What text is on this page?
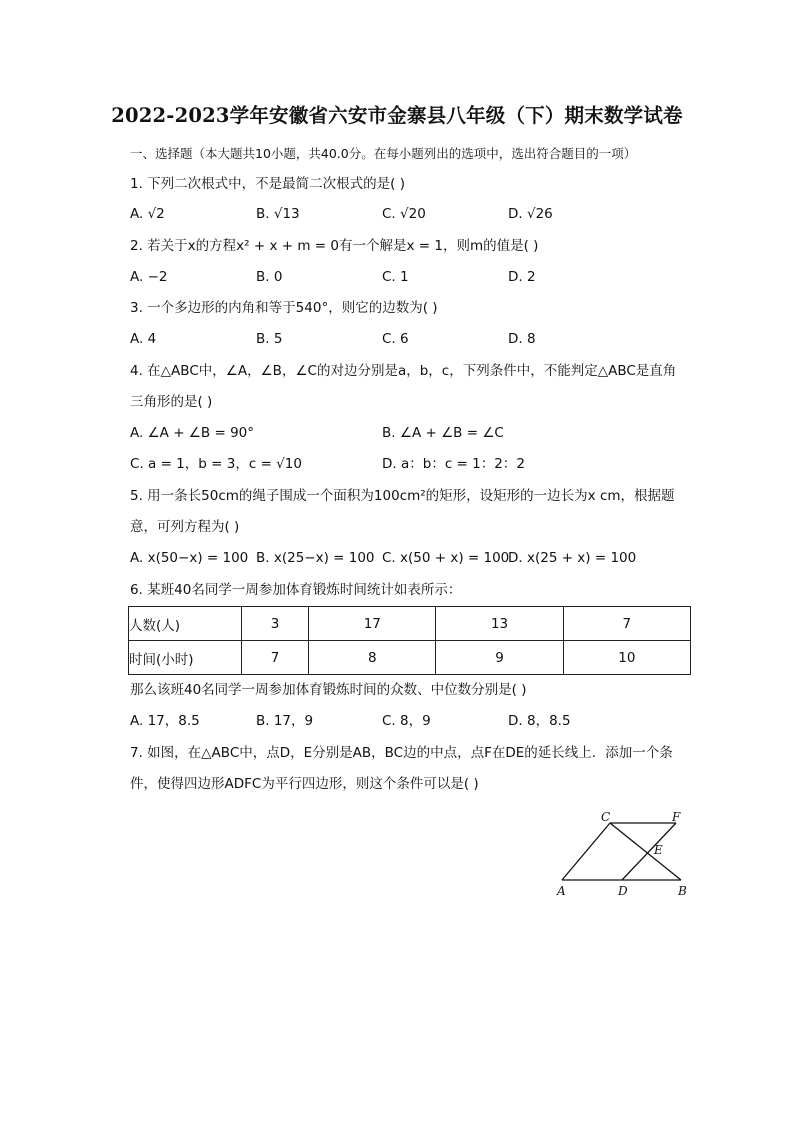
2022-2023学年安徽省六安市金寨县八年级（下）期末数学试卷
一、选择题（本大题共10小题，共40.0分。在每小题列出的选项中，选出符合题目的一项）
1. 下列二次根式中，不是最简二次根式的是( )
A. √2	B. √13	C. √20	D. √26
2. 若关于x的方程x² + x + m = 0有一个解是x = 1，则m的值是( )
A. −2	B. 0	C. 1	D. 2
3. 一个多边形的内角和等于540°，则它的边数为( )
A. 4	B. 5	C. 6	D. 8
4. 在△ABC中，∠A，∠B，∠C的对边分别是a，b，c，下列条件中，不能判定△ABC是直角
三角形的是( )
A. ∠A + ∠B = 90°	B. ∠A + ∠B = ∠C
C. a = 1，b = 3，c = √10	D. a：b：c = 1：2：2
5. 用一条长50cm的绳子围成一个面积为100cm²的矩形，设矩形的一边长为x cm，根据题
意，可列方程为( )
A. x(50−x) = 100 B. x(25−x) = 100 C. x(50 + x) = 100
D. x(25 + x) = 100
6. 某班40名同学一周参加体育锻炼时间统计如表所示：
人数(人)	3	17	13	7
时间(小时)	7	8	9	10
那么该班40名同学一周参加体育锻炼时间的众数、中位数分别是( )
A. 17，8.5	B. 17，9	C. 8，9	D. 8，8.5
7. 如图，在△ABC中，点D，E分别是AB，BC边的中点，点F在DE的延长线上．添加一个条
件，使得四边形ADFC为平行四边形，则这个条件可以是( )
C	F
E
A	D	B
